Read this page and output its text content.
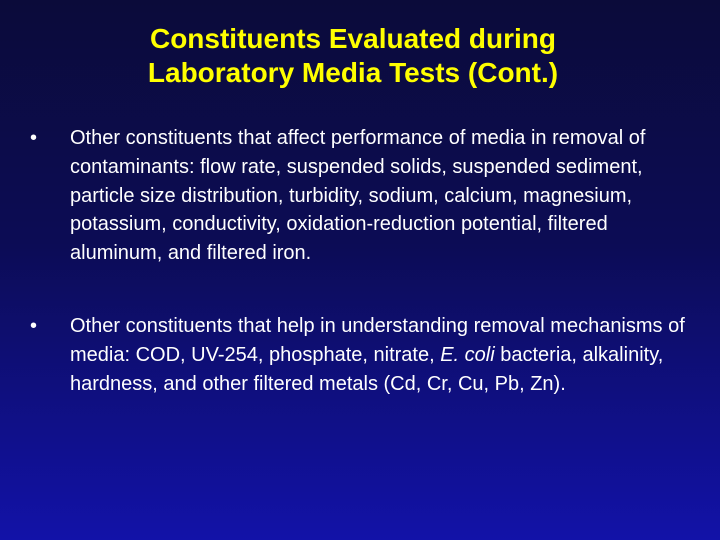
Constituents Evaluated during
Laboratory Media Tests (Cont.)
•	Other constituents that affect performance of media in removal of contaminants: flow rate, suspended solids, suspended sediment, particle size distribution, turbidity, sodium, calcium, magnesium, potassium, conductivity, oxidation-reduction potential, filtered aluminum, and filtered iron.
•	Other constituents that help in understanding removal mechanisms of media: COD, UV-254, phosphate, nitrate, E. coli bacteria, alkalinity, hardness, and other filtered metals (Cd, Cr, Cu, Pb, Zn).
